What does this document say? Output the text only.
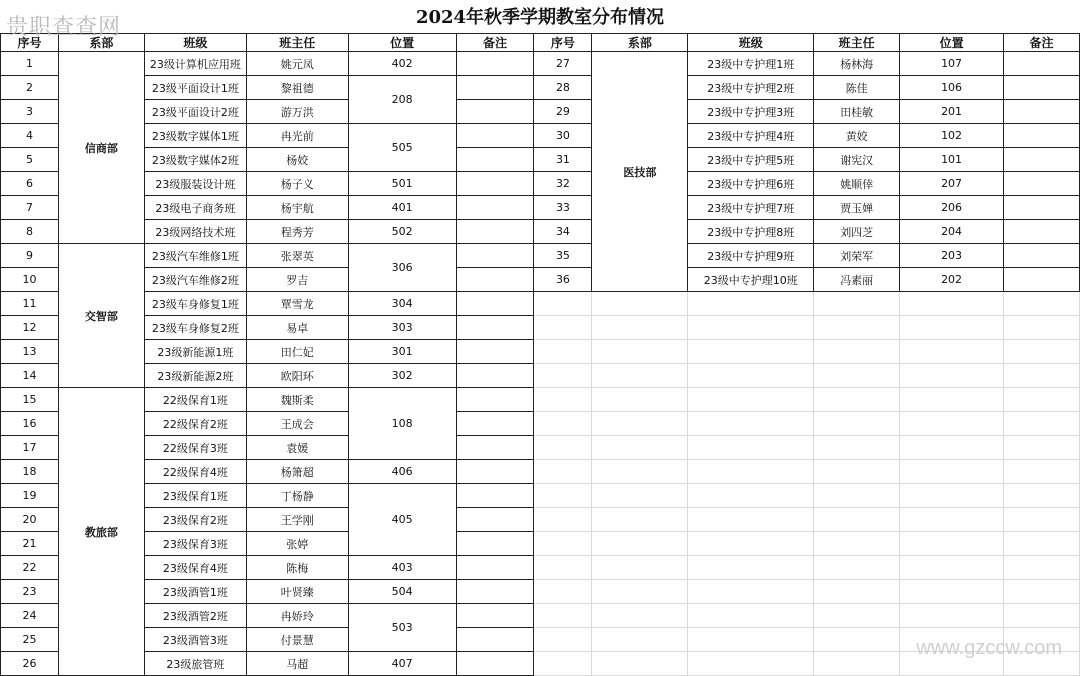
贵职查查网	2024年秋季学期教室分布情况
序号	系部	班级	班主任	位置	备注	序号	系部	班级	班主任	位置	备注
1	信商部	23级计算机应用班	姚元凤	402		27	医技部	23级中专护理1班	杨林海	107	
2		23级平面设计1班	黎祖德	208		28		23级中专护理2班	陈佳	106	
3		23级平面设计2班	游万洪			29		23级中专护理3班	田桂敏	201	
4		23级数字媒体1班	冉光前	505		30		23级中专护理4班	黄姣	102	
5		23级数字媒体2班	杨姣			31		23级中专护理5班	谢宪汉	101	
6		23级服装设计班	杨子义	501		32		23级中专护理6班	姚顺倖	207	
7		23级电子商务班	杨宇航	401		33		23级中专护理7班	贾玉婵	206	
8		23级网络技术班	程秀芳	502		34		23级中专护理8班	刘四芝	204	
9	交智部	23级汽车维修1班	张翠英	306		35		23级中专护理9班	刘荣军	203	
10		23级汽车维修2班	罗吉			36		23级中专护理10班	冯素丽	202	
11		23级车身修复1班	覃雪龙	304							
12		23级车身修复2班	易卓	303							
13		23级新能源1班	田仁妃	301							
14		23级新能源2班	欧阳环	302							
15	教旅部	22级保育1班	魏斯柔	108							
16		22级保育2班	王成会								
17		22级保育3班	袁媛								
18		22级保育4班	杨箫超	406							
19		23级保育1班	丁杨静	405							
20		23级保育2班	王学刚								
21		23级保育3班	张婷								
22		23级保育4班	陈梅	403							
23		23级酒管1班	叶贤臻	504							
24		23级酒管2班	冉娇玲	503							
25		23级酒管3班	付景慧								
26		23级旅管班	马超	407							
www.gzccw.com
